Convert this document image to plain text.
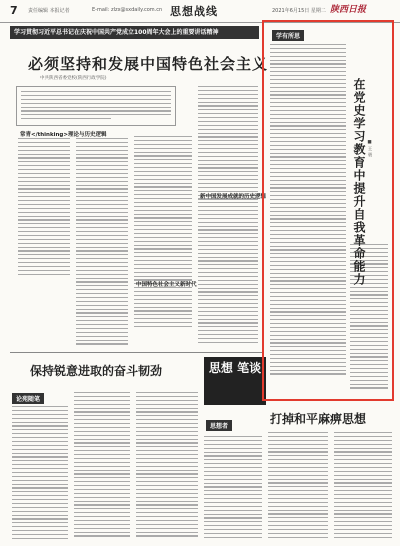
7 责任编辑 本报记者	E-mail: zlzx@sxdaily.com.cn 思想战线	2021年6月15日 星期二 陕西日报
学习贯彻习近平总书记在庆祝中国共产党成立100周年大会上的重要讲话精神
必须坚持和发展中国特色社会主义
中共陕西省委党校(陕西行政学院)
常青</thinking>理论与历史逻辑
中国特色社会主义新时代
新中国发展成就的历史逻辑
保持锐意进取的奋斗韧劲
论苑随笔
思想 笔谈
学有所思
在党史学习教育中提升自我革命能力 ■ 王 勇
打掉和平麻痹思想
思想者
